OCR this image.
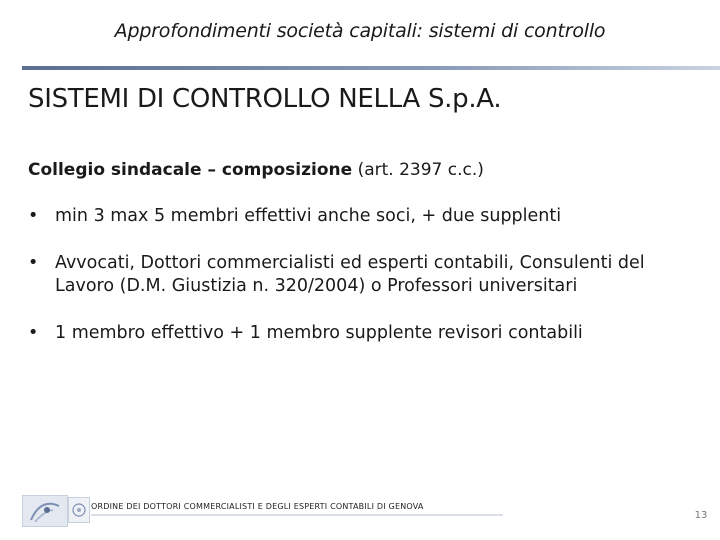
Approfondimenti società capitali: sistemi di controllo
SISTEMI DI CONTROLLO NELLA S.p.A.
Collegio sindacale – composizione (art. 2397 c.c.)
• min 3 max 5 membri effettivi anche soci, + due supplenti
• Avvocati, Dottori commercialisti ed esperti contabili, Consulenti del Lavoro (D.M. Giustizia n. 320/2004) o Professori universitari
• 1 membro effettivo + 1 membro supplente revisori contabili
ORDINE DEI DOTTORI COMMERCIALISTI E DEGLI ESPERTI CONTABILI DI GENOVA
13
